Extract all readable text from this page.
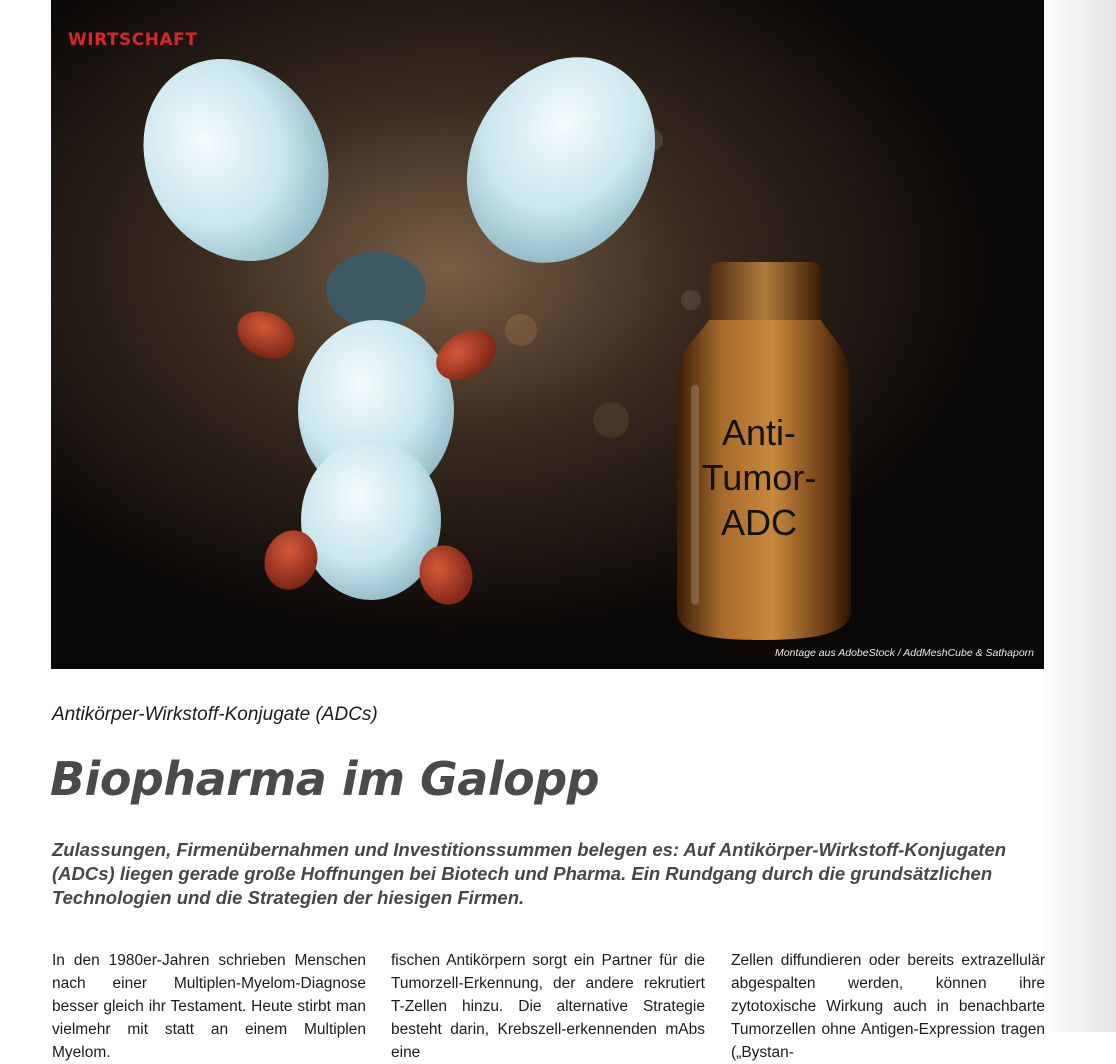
Anti-
Tumor-
ADC
WIRTSCHAFT
Montage aus AdobeStock / AddMeshCube & Sathaporn
Antikörper-Wirkstoff-Konjugate (ADCs)
Biopharma im Galopp
Zulassungen, Firmenübernahmen und Investitionssummen belegen es: Auf Antikörper-Wirkstoff-Konjugaten (ADCs) liegen gerade große Hoffnungen bei Biotech und Pharma. Ein Rundgang durch die grundsätzlichen Technologien und die Strategien der hiesigen Firmen.

In den 1980er-Jahren schrieben Menschen nach einer Multiplen-Myelom-Diagnose besser gleich ihr Testament. Heute stirbt man vielmehr mit statt an einem Multiplen Myelom.

fischen Antikörpern sorgt ein Partner für die Tumorzell-Erkennung, der andere rekrutiert T-Zellen hinzu. Die alternative Strategie besteht darin, Krebszell-erkennenden mAbs eine

Zellen diffundieren oder bereits extrazellulär abgespalten werden, können ihre zytotoxische Wirkung auch in benachbarte Tumorzellen ohne Antigen-Expression tragen („Bystan-
